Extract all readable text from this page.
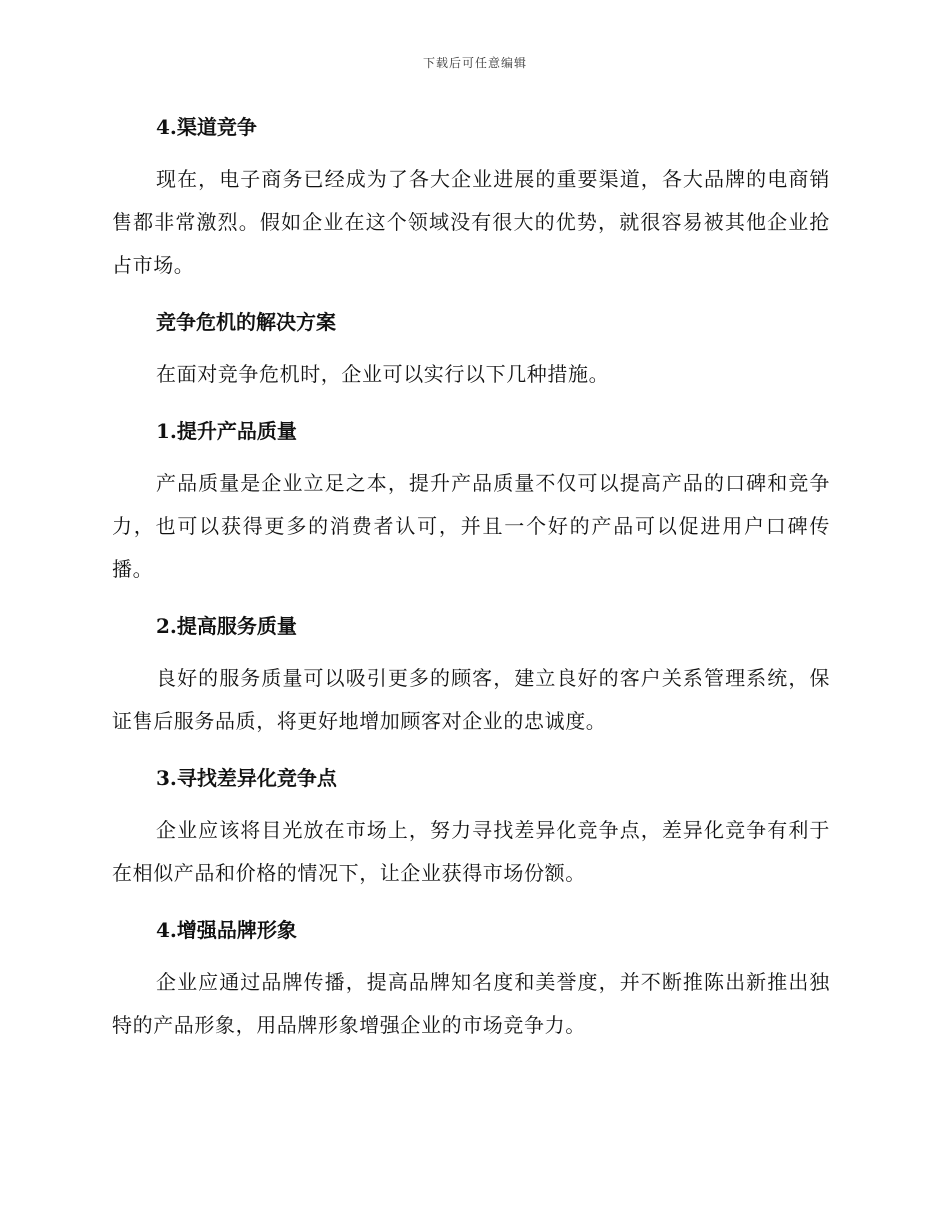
下载后可任意编辑
4.渠道竞争

现在，电子商务已经成为了各大企业进展的重要渠道，各大品牌的电商销售都非常激烈。假如企业在这个领域没有很大的优势，就很容易被其他企业抢占市场。

竞争危机的解决方案

在面对竞争危机时，企业可以实行以下几种措施。

1.提升产品质量

产品质量是企业立足之本，提升产品质量不仅可以提高产品的口碑和竞争力，也可以获得更多的消费者认可，并且一个好的产品可以促进用户口碑传播。

2.提高服务质量

良好的服务质量可以吸引更多的顾客，建立良好的客户关系管理系统，保证售后服务品质，将更好地增加顾客对企业的忠诚度。

3.寻找差异化竞争点

企业应该将目光放在市场上，努力寻找差异化竞争点，差异化竞争有利于在相似产品和价格的情况下，让企业获得市场份额。

4.增强品牌形象

企业应通过品牌传播，提高品牌知名度和美誉度，并不断推陈出新推出独特的产品形象，用品牌形象增强企业的市场竞争力。
